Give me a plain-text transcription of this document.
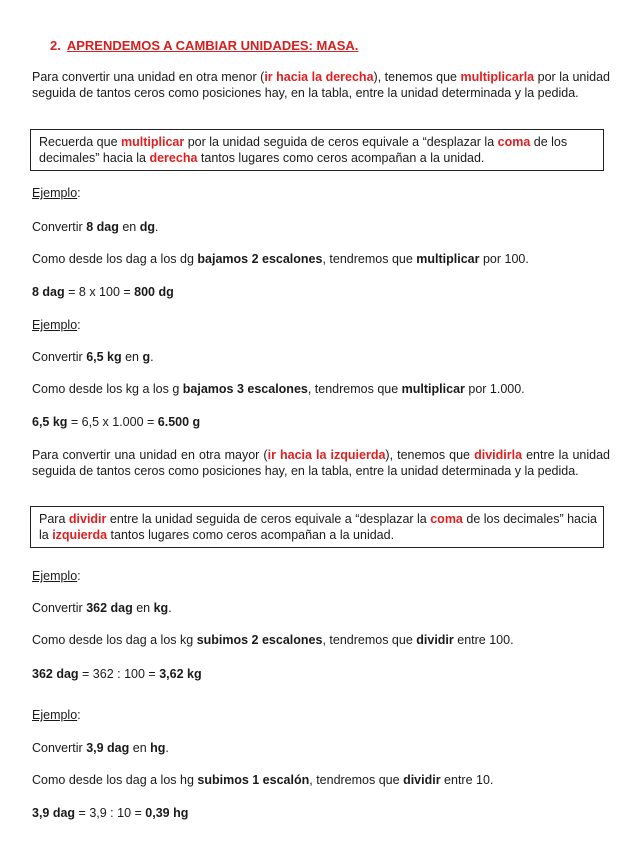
2. APRENDEMOS A CAMBIAR UNIDADES: MASA.
Para convertir una unidad en otra menor (ir hacia la derecha), tenemos que multiplicarla por la unidad seguida de tantos ceros como posiciones hay, en la tabla, entre la unidad determinada y la pedida.
Recuerda que multiplicar por la unidad seguida de ceros equivale a “desplazar la coma de los decimales” hacia la derecha tantos lugares como ceros acompañan a la unidad.
Ejemplo:
Convertir 8 dag en dg.
Como desde los dag a los dg bajamos 2 escalones, tendremos que multiplicar por 100.
8 dag = 8 x 100 = 800 dg
Ejemplo:
Convertir 6,5 kg en g.
Como desde los kg a los g bajamos 3 escalones, tendremos que multiplicar por 1.000.
6,5 kg = 6,5 x 1.000 = 6.500 g
Para convertir una unidad en otra mayor (ir hacia la izquierda), tenemos que dividirla entre la unidad seguida de tantos ceros como posiciones hay, en la tabla, entre la unidad determinada y la pedida.
Para dividir entre la unidad seguida de ceros equivale a “desplazar la coma de los decimales” hacia la izquierda tantos lugares como ceros acompañan a la unidad.
Ejemplo:
Convertir 362 dag en kg.
Como desde los dag a los kg subimos 2 escalones, tendremos que dividir entre 100.
362 dag = 362 : 100 = 3,62 kg
Ejemplo:
Convertir 3,9 dag en hg.
Como desde los dag a los hg subimos 1 escalón, tendremos que dividir entre 10.
3,9 dag = 3,9 : 10 = 0,39 hg
